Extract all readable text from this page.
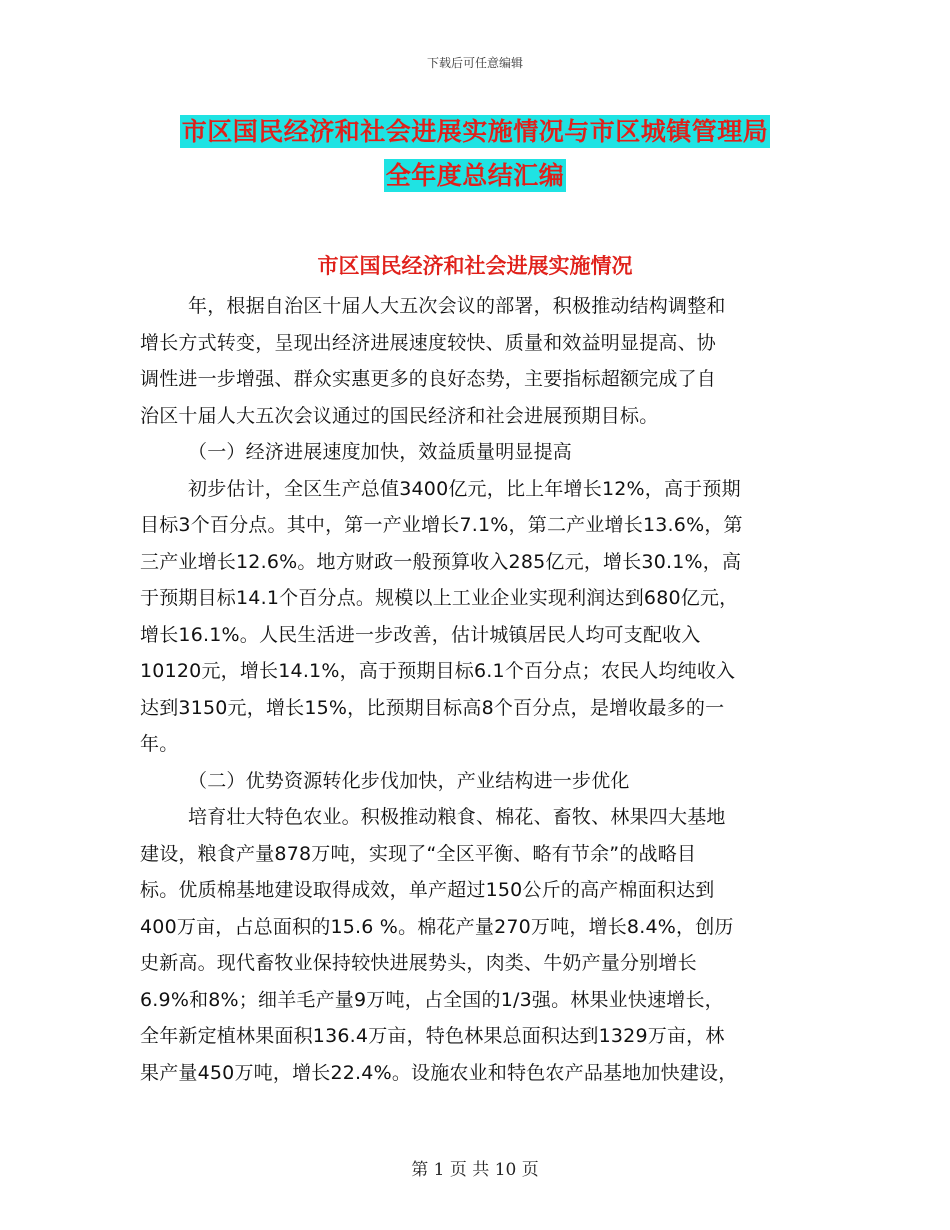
下载后可任意编辑
市区国民经济和社会进展实施情况与市区城镇管理局
全年度总结汇编
市区国民经济和社会进展实施情况
年，根据自治区十届人大五次会议的部署，积极推动结构调整和
增长方式转变，呈现出经济进展速度较快、质量和效益明显提高、协
调性进一步增强、群众实惠更多的良好态势，主要指标超额完成了自
治区十届人大五次会议通过的国民经济和社会进展预期目标。
（一）经济进展速度加快，效益质量明显提高
初步估计，全区生产总值3400亿元，比上年增长12%，高于预期
目标3个百分点。其中，第一产业增长7.1%，第二产业增长13.6%，第
三产业增长12.6%。地方财政一般预算收入285亿元，增长30.1%，高
于预期目标14.1个百分点。规模以上工业企业实现利润达到680亿元，
增长16.1%。人民生活进一步改善，估计城镇居民人均可支配收入
10120元，增长14.1%，高于预期目标6.1个百分点；农民人均纯收入
达到3150元，增长15%，比预期目标高8个百分点，是增收最多的一
年。
（二）优势资源转化步伐加快，产业结构进一步优化
培育壮大特色农业。积极推动粮食、棉花、畜牧、林果四大基地
建设，粮食产量878万吨，实现了“全区平衡、略有节余”的战略目
标。优质棉基地建设取得成效，单产超过150公斤的高产棉面积达到
400万亩，占总面积的15.6 %。棉花产量270万吨，增长8.4%，创历
史新高。现代畜牧业保持较快进展势头，肉类、牛奶产量分别增长
6.9%和8%；细羊毛产量9万吨，占全国的1/3强。林果业快速增长，
全年新定植林果面积136.4万亩，特色林果总面积达到1329万亩，林
果产量450万吨，增长22.4%。设施农业和特色农产品基地加快建设，
第 1 页 共 10 页
